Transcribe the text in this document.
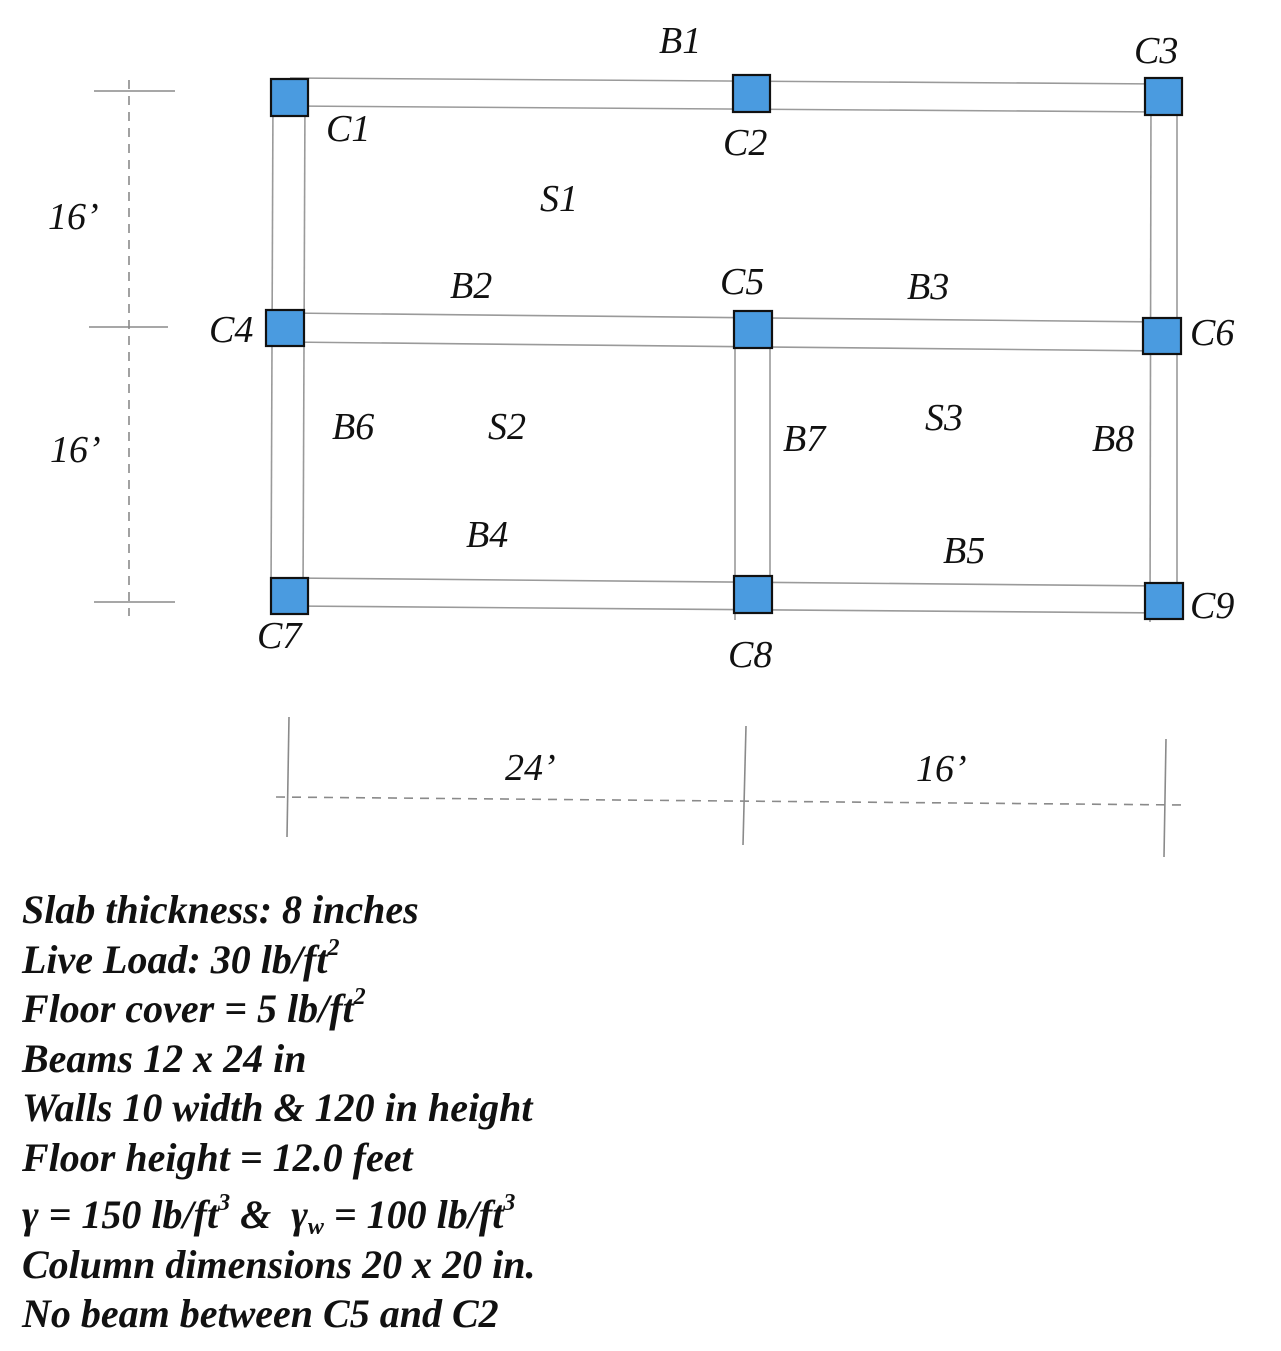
16’
16’
24’	16’
C1	C2
C3
C4
C5
C6
C7	C8
C9
B1
B2	B3
B4	B5
B6	B7	B8
S1
S2	S3
Slab thickness: 8 inches
Live Load: 30 $lb/ft^2$
Floor cover = 5 $lb/ft^2$
Beams 12 x 24 in
Walls 10 width & 120 in height
Floor height = 12.0 feet
γ = 150 $lb/ft^3$ &  $\gamma_w = 100$ $lb/ft^3$
Column dimensions 20 x 20 in.
No beam between C5 and C2
